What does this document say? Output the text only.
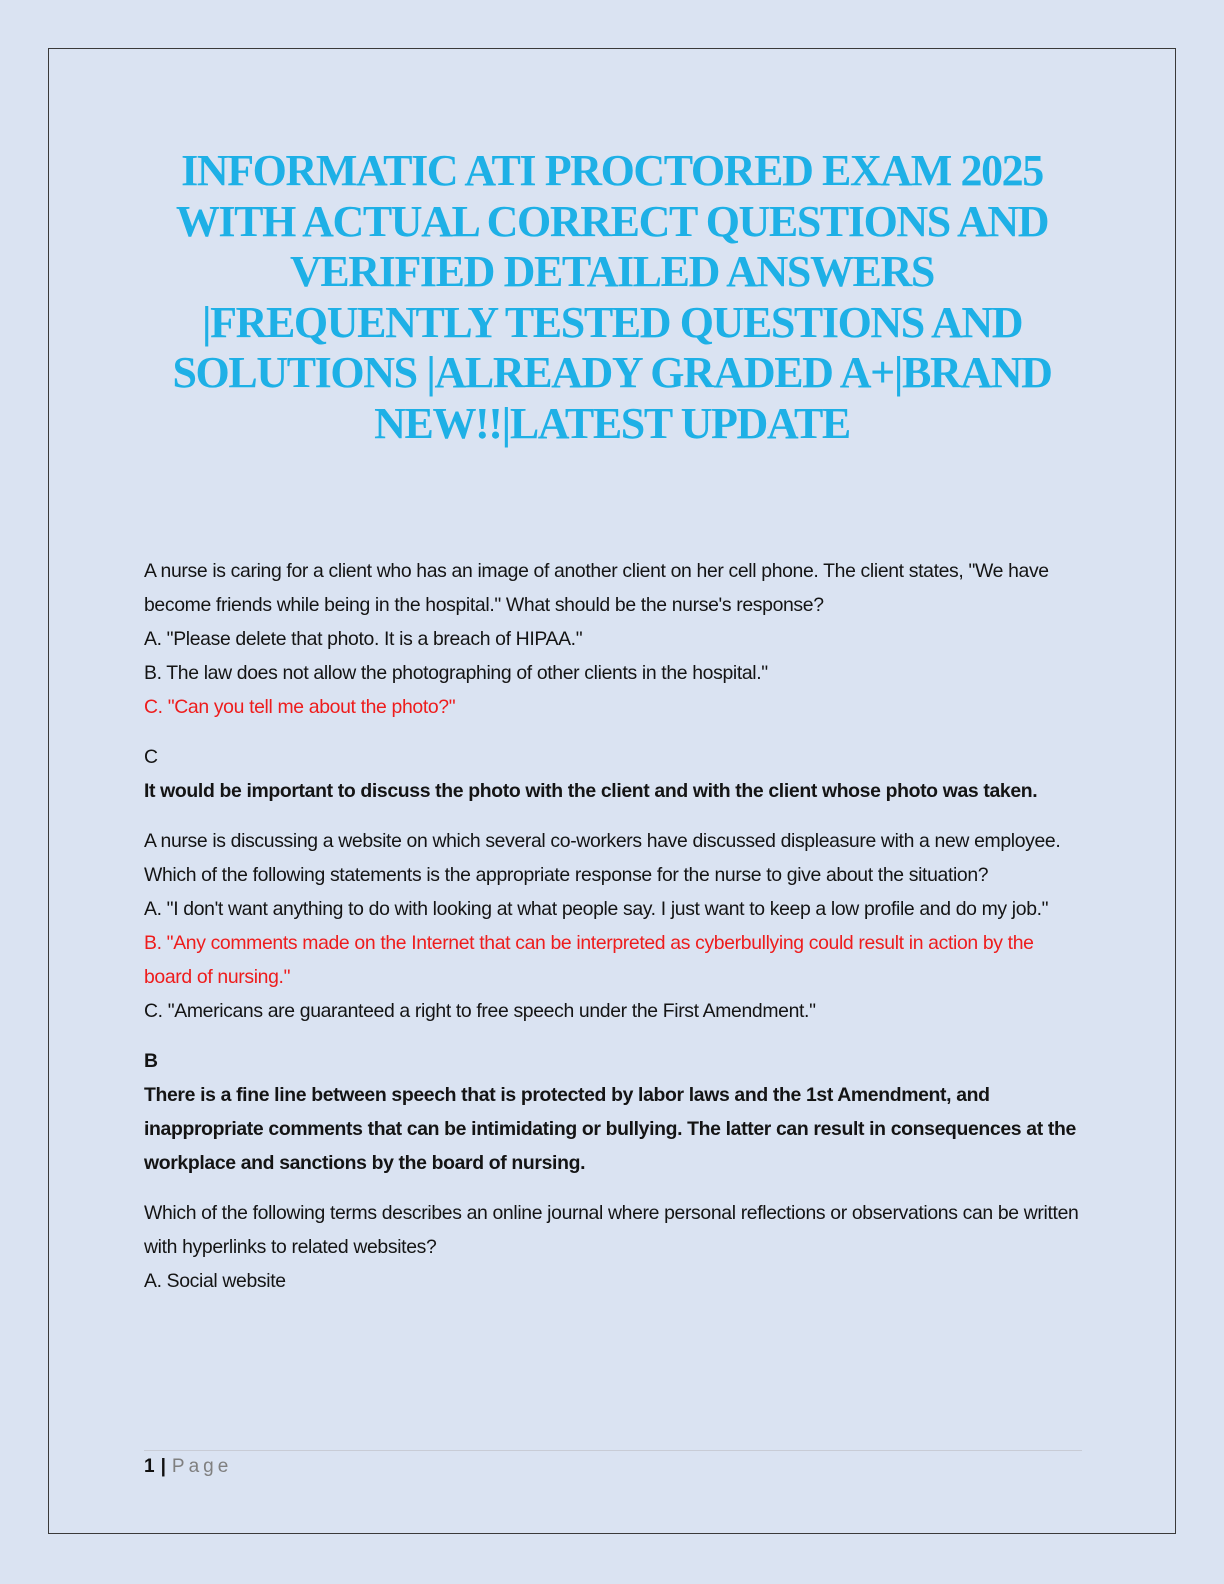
INFORMATIC ATI PROCTORED EXAM 2025 WITH ACTUAL CORRECT QUESTIONS AND VERIFIED DETAILED ANSWERS |FREQUENTLY TESTED QUESTIONS AND SOLUTIONS |ALREADY GRADED A+|BRAND NEW!!|LATEST UPDATE

A nurse is caring for a client who has an image of another client on her cell phone. The client states, "We have become friends while being in the hospital." What should be the nurse's response?

A. "Please delete that photo. It is a breach of HIPAA."

B. The law does not allow the photographing of other clients in the hospital."

C. "Can you tell me about the photo?"

C

It would be important to discuss the photo with the client and with the client whose photo was taken.

A nurse is discussing a website on which several co-workers have discussed displeasure with a new employee. Which of the following statements is the appropriate response for the nurse to give about the situation?

A. "I don't want anything to do with looking at what people say. I just want to keep a low profile and do my job."

B. "Any comments made on the Internet that can be interpreted as cyberbullying could result in action by the board of nursing."

C. "Americans are guaranteed a right to free speech under the First Amendment."

B

There is a fine line between speech that is protected by labor laws and the 1st Amendment, and inappropriate comments that can be intimidating or bullying. The latter can result in consequences at the workplace and sanctions by the board of nursing.

Which of the following terms describes an online journal where personal reflections or observations can be written with hyperlinks to related websites?

A. Social website

1 | Page
